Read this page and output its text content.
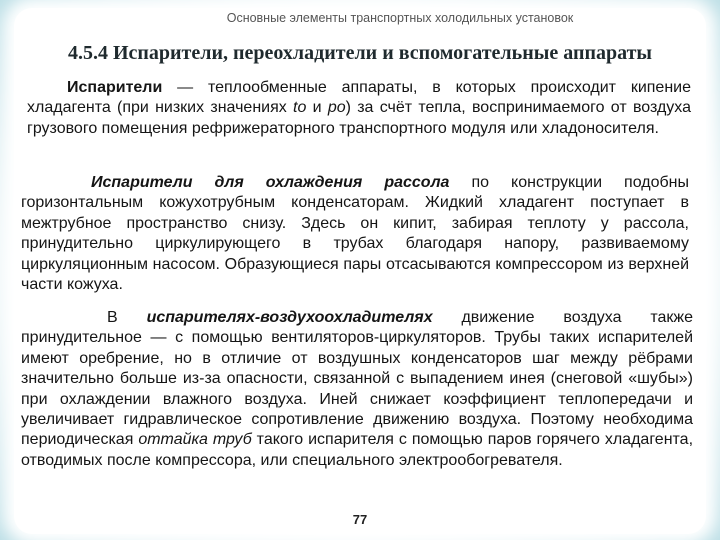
Основные элементы транспортных холодильных установок
4.5.4 Испарители, переохладители и вспомогательные аппараты

Испарители — теплообменные аппараты, в которых происходит кипение хладагента (при низких значениях to и po) за счёт тепла, воспринимаемого от воздуха грузового помещения рефрижераторного транспортного модуля или хладоносителя.

Испарители для охлаждения рассола по конструкции подобны горизонтальным кожухотрубным конденсаторам. Жидкий хладагент поступает в межтрубное пространство снизу. Здесь он кипит, забирая теплоту у рассола, принудительно циркулирующего в трубах благодаря напору, развиваемому циркуляционным насосом. Образующиеся пары отсасываются компрессором из верхней части кожуха.

В испарителях-воздухоохладителях движение воздуха также принудительное — с помощью вентиляторов-циркуляторов. Трубы таких испарителей имеют оребрение, но в отличие от воздушных конденсаторов шаг между рёбрами значительно больше из-за опасности, связанной с выпадением инея (снеговой «шубы») при охлаждении влажного воздуха. Иней снижает коэффициент теплопередачи и увеличивает гидравлическое сопротивление движению воздуха. Поэтому необходима периодическая оттайка труб такого испарителя с помощью паров горячего хладагента, отводимых после компрессора, или специального электрообогревателя.

77
